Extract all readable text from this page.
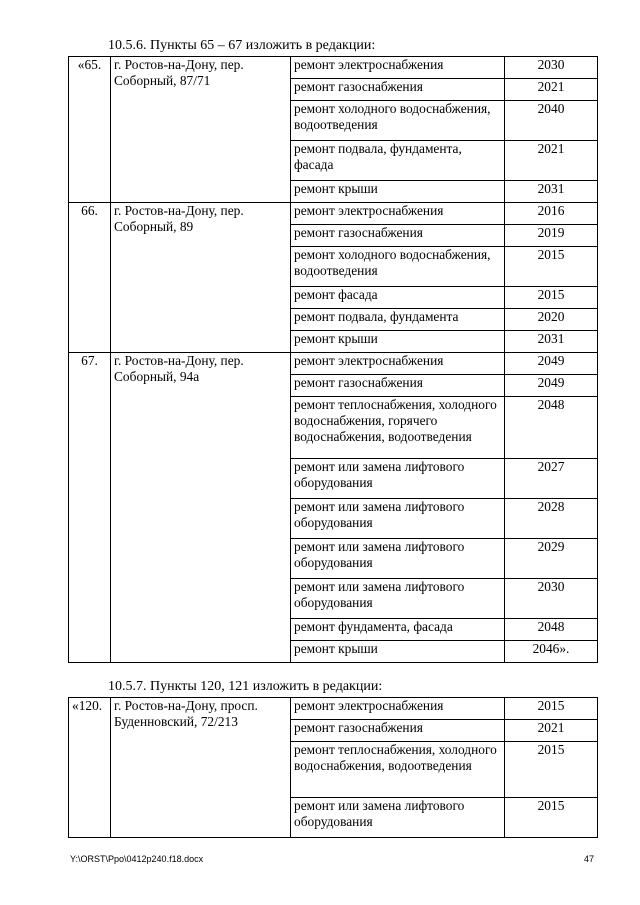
10.5.6. Пункты 65 – 67 изложить в редакции:
«65.	г. Ростов-на-Дону, пер. Соборный, 87/71	ремонт электроснабжения	2030
		ремонт газоснабжения	2021
		ремонт холодного водоснабжения, водоотведения	2040
		ремонт подвала, фундамента, фасада	2021
		ремонт крыши	2031
66.	г. Ростов-на-Дону, пер. Соборный, 89	ремонт электроснабжения	2016
		ремонт газоснабжения	2019
		ремонт холодного водоснабжения, водоотведения	2015
		ремонт фасада	2015
		ремонт подвала, фундамента	2020
		ремонт крыши	2031
67.	г. Ростов-на-Дону, пер. Соборный, 94а	ремонт электроснабжения	2049
		ремонт газоснабжения	2049
		ремонт теплоснабжения, холодного водоснабжения, горячего водоснабжения, водоотведения	2048
		ремонт или замена лифтового оборудования	2027
		ремонт или замена лифтового оборудования	2028
		ремонт или замена лифтового оборудования	2029
		ремонт или замена лифтового оборудования	2030
		ремонт фундамента, фасада	2048
		ремонт крыши	2046».
10.5.7. Пункты 120, 121 изложить в редакции:
«120.	г. Ростов-на-Дону, просп. Буденновский, 72/213	ремонт электроснабжения	2015
		ремонт газоснабжения	2021
		ремонт теплоснабжения, холодного водоснабжения, водоотведения	2015
		ремонт или замена лифтового оборудования	2015
Y:\ORST\Ppo\0412p240.f18.docx	47
